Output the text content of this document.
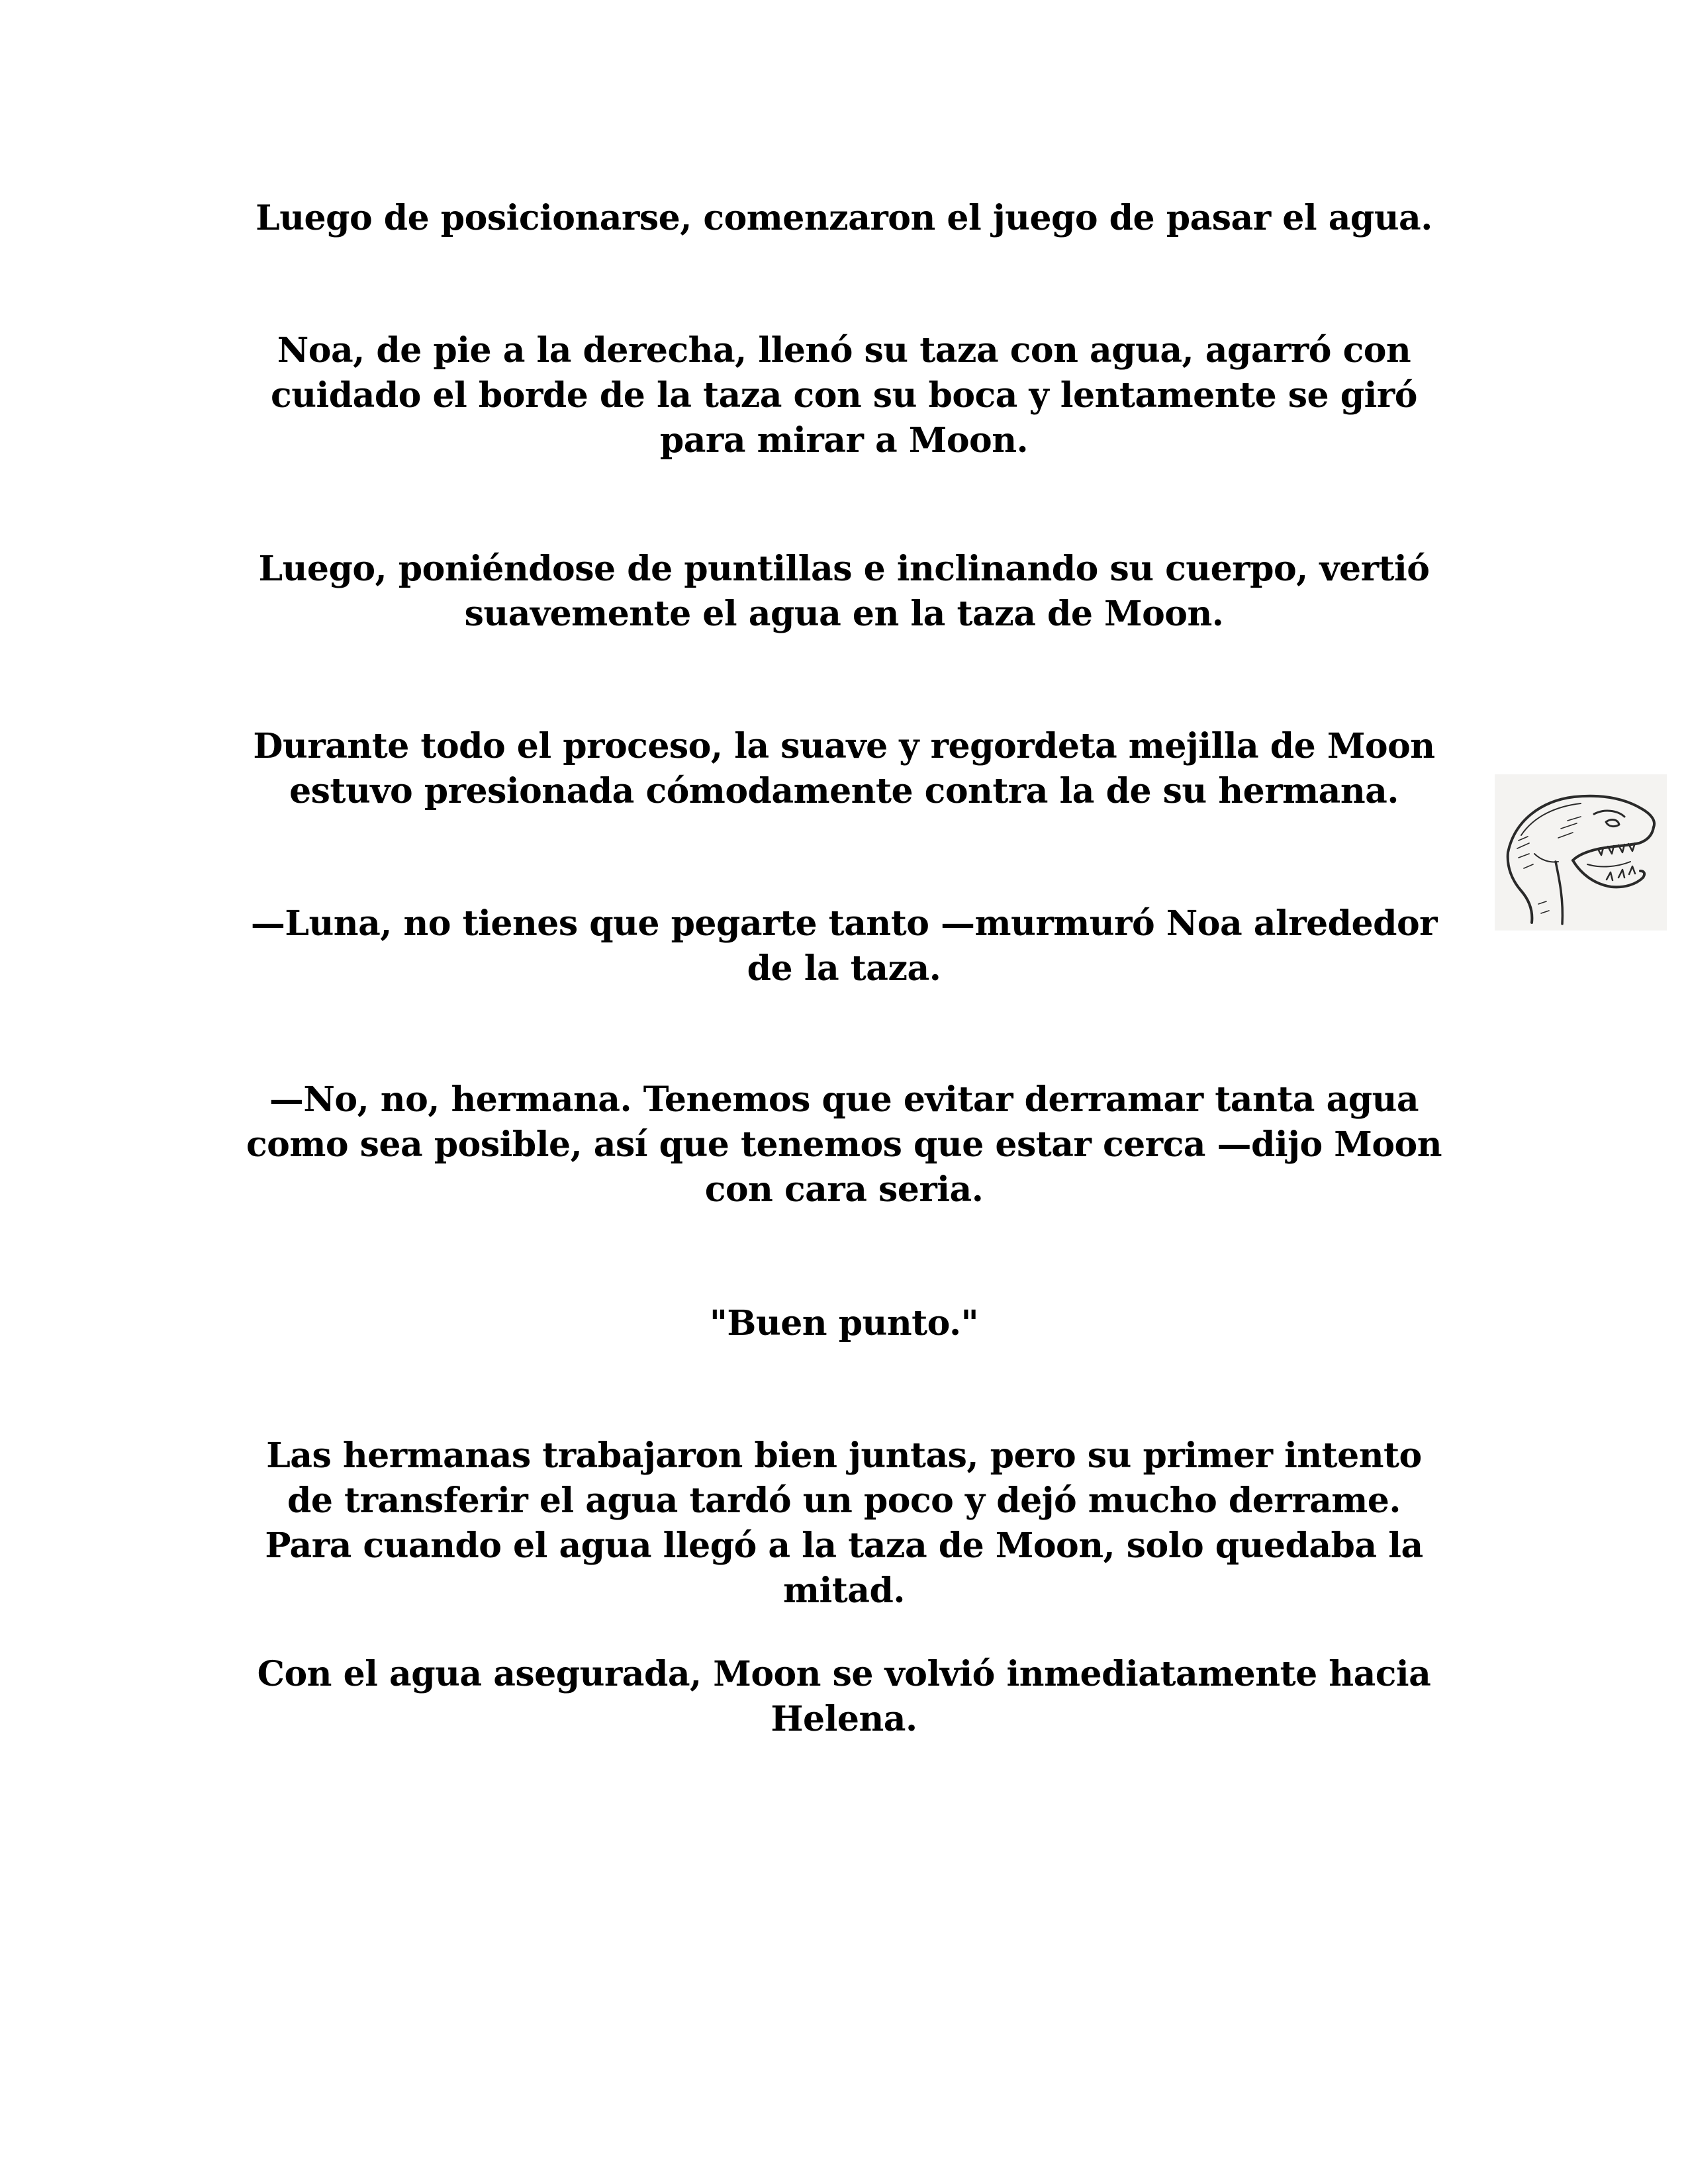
Luego de posicionarse, comenzaron el juego de pasar el agua.

Noa, de pie a la derecha, llenó su taza con agua, agarró con
cuidado el borde de la taza con su boca y lentamente se giró
para mirar a Moon.

Luego, poniéndose de puntillas e inclinando su cuerpo, vertió
suavemente el agua en la taza de Moon.

Durante todo el proceso, la suave y regordeta mejilla de Moon
estuvo presionada cómodamente contra la de su hermana.

—Luna, no tienes que pegarte tanto —murmuró Noa alrededor
de la taza.

—No, no, hermana. Tenemos que evitar derramar tanta agua
como sea posible, así que tenemos que estar cerca —dijo Moon
con cara seria.

"Buen punto."

Las hermanas trabajaron bien juntas, pero su primer intento
de transferir el agua tardó un poco y dejó mucho derrame.
Para cuando el agua llegó a la taza de Moon, solo quedaba la
mitad.

Con el agua asegurada, Moon se volvió inmediatamente hacia
Helena.
